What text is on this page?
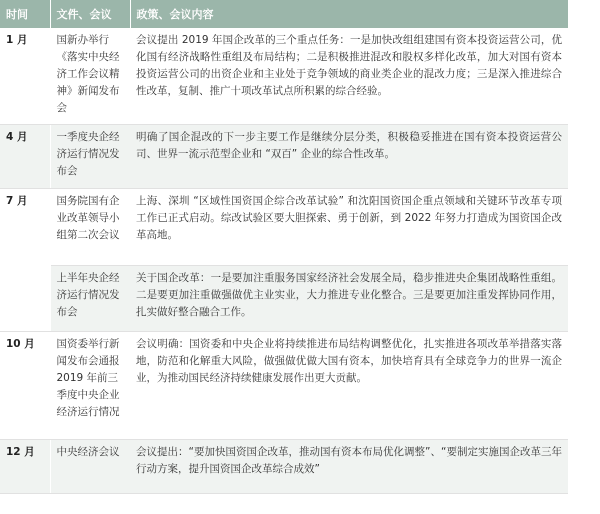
时间	文件、会议	政策、会议内容
1 月	国新办举行《落实中央经济工作会议精神》新闻发布会	会议提出 2019 年国企改革的三个重点任务：一是加快改组组建国有资本投资运营公司，优化国有经济战略性重组及布局结构；二是积极推进混改和股权多样化改革，加大对国有资本投资运营公司的出资企业和主业处于竞争领域的商业类企业的混改力度；三是深入推进综合性改革，复制、推广十项改革试点所积累的综合经验。
4 月	一季度央企经济运行情况发布会	明确了国企混改的下一步主要工作是继续分层分类，积极稳妥推进在国有资本投资运营公司、世界一流示范型企业和 “双百” 企业的综合性改革。
7 月	国务院国有企业改革领导小组第二次会议	上海、深圳 “区域性国资国企综合改革试验” 和沈阳国资国企重点领域和关键环节改革专项工作已正式启动。综改试验区要大胆探索、勇于创新，到 2022 年努力打造成为国资国企改革高地。
	上半年央企经济运行情况发布会	关于国企改革：一是要加注重服务国家经济社会发展全局，稳步推进央企集团战略性重组。二是要更加注重做强做优主业实业，大力推进专业化整合。三是要更加注重发挥协同作用，扎实做好整合融合工作。
10 月	国资委举行新闻发布会通报 2019 年前三季度中央企业经济运行情况	会议明确：国资委和中央企业将持续推进布局结构调整优化，扎实推进各项改革举措落实落地，防范和化解重大风险，做强做优做大国有资本，加快培育具有全球竞争力的世界一流企业，为推动国民经济持续健康发展作出更大贡献。
12 月	中央经济会议	会议提出：“要加快国资国企改革，推动国有资本布局优化调整”、“要制定实施国企改革三年行动方案，提升国资国企改革综合成效”
